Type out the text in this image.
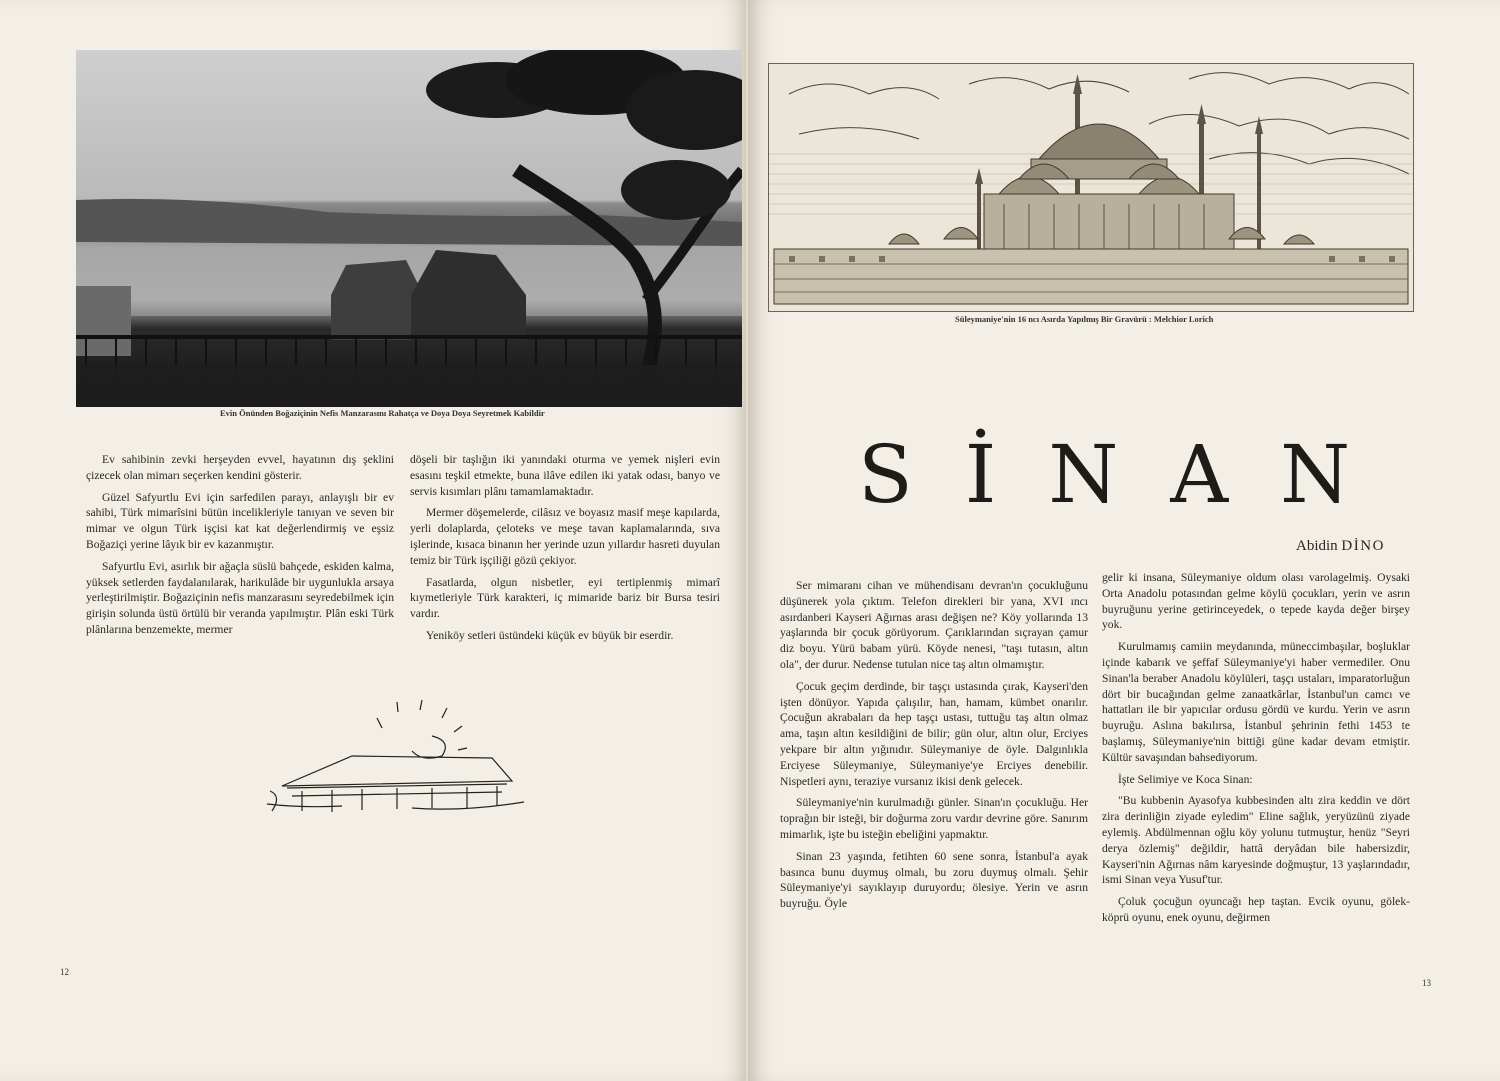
Evin Önünden Boğaziçinin Nefis Manzarasını Rahatça ve Doya Doya Seyretmek Kabildir

Ev sahibinin zevki herşeyden evvel, hayatının dış şeklini çizecek olan mimarı seçerken kendini gösterir.

Güzel Safyurtlu Evi için sarfedilen parayı, anlayışlı bir ev sahibi, Türk mimarîsini bütün incelikleriyle tanıyan ve seven bir mimar ve olgun Türk işçisi kat kat değerlendirmiş ve eşsiz Boğaziçi yerine lâyık bir ev kazanmıştır.

Safyurtlu Evi, asırlık bir ağaçla süslü bahçede, eskiden kalma, yüksek setlerden faydalanılarak, harikulâde bir uygunlukla arsaya yerleştirilmiştir. Boğaziçinin nefis manzarasını seyredebilmek için girişin solunda üstü örtülü bir veranda yapılmıştır. Plân eski Türk plânlarına benzemekte, mermer

döşeli bir taşlığın iki yanındaki oturma ve yemek nişleri evin esasını teşkil etmekte, buna ilâve edilen iki yatak odası, banyo ve servis kısımları plânı tamamlamaktadır.

Mermer döşemelerde, cilâsız ve boyasız masif meşe kapılarda, yerli dolaplarda, çeloteks ve meşe tavan kaplamalarında, sıva işlerinde, kısaca binanın her yerinde uzun yıllardır hasreti duyulan temiz bir Türk işçiliği gözü çekiyor.

Fasatlarda, olgun nisbetler, eyi tertiplenmiş mimarî kıymetleriyle Türk karakteri, iç mimaride bariz bir Bursa tesiri vardır.

Yeniköy setleri üstündeki küçük ev büyük bir eserdir.

12
Süleymaniye'nin 16 ncı Asırda Yapılmış Bir Gravürü : Melchior Lorich
SİNAN
Abidin DİNO

Ser mimaranı cihan ve mühendisanı devran'ın çocukluğunu düşünerek yola çıktım. Telefon direkleri bir yana, XVI ıncı asırdanberi Kayseri Ağırnas arası değişen ne? Köy yollarında 13 yaşlarında bir çocuk görüyorum. Çarıklarından sıçrayan çamur diz boyu. Yürü babam yürü. Köyde nenesi, "taşı tutasın, altın ola", der durur. Nedense tutulan nice taş altın olmamıştır.

Çocuk geçim derdinde, bir taşçı ustasında çırak, Kayseri'den işten dönüyor. Yapıda çalışılır, han, hamam, kümbet onarılır. Çocuğun akrabaları da hep taşçı ustası, tuttuğu taş altın olmaz ama, taşın altın kesildiğini de bilir; gün olur, altın olur, Erciyes yekpare bir altın yığınıdır. Süleymaniye de öyle. Dalgınlıkla Erciyese Süleymaniye, Süleymaniye'ye Erciyes denebilir. Nispetleri aynı, teraziye vursanız ikisi denk gelecek.

Süleymaniye'nin kurulmadığı günler. Sinan'ın çocukluğu. Her toprağın bir isteği, bir doğurma zoru vardır devrine göre. Sanırım mimarlık, işte bu isteğin ebeliğini yapmaktır.

Sinan 23 yaşında, fetihten 60 sene sonra, İstanbul'a ayak basınca bunu duymuş olmalı, bu zoru duymuş olmalı. Şehir Süleymaniye'yi sayıklayıp duruyordu; ölesiye. Yerin ve asrın buyruğu. Öyle

gelir ki insana, Süleymaniye oldum olası varolagelmiş. Oysaki Orta Anadolu potasından gelme köylü çocukları, yerin ve asrın buyruğunu yerine getirinceyedek, o tepede kayda değer birşey yok.

Kurulmamış camiin meydanında, müneccimbaşılar, boşluklar içinde kabarık ve şeffaf Süleymaniye'yi haber vermediler. Onu Sinan'la beraber Anadolu köylüleri, taşçı ustaları, imparatorluğun dört bir bucağından gelme zanaatkârlar, İstanbul'un camcı ve hattatları ile bir yapıcılar ordusu gördü ve kurdu. Yerin ve asrın buyruğu. Aslına bakılırsa, İstanbul şehrinin fethi 1453 te başlamış, Süleymaniye'nin bittiği güne kadar devam etmiştir. Kültür savaşından bahsediyorum.

İşte Selimiye ve Koca Sinan:

"Bu kubbenin Ayasofya kubbesinden altı zira keddin ve dört zira derinliğin ziyade eyledim" Eline sağlık, yeryüzünü ziyade eylemiş. Abdülmennan oğlu köy yolunu tutmuştur, henüz "Seyri derya özlemiş" değildir, hattâ deryâdan bile habersizdir, Kayseri'nin Ağırnas nâm karyesinde doğmuştur, 13 yaşlarındadır, ismi Sinan veya Yusuf'tur.

Çoluk çocuğun oyuncağı hep taştan. Evcik oyunu, gölek-köprü oyunu, enek oyunu, değirmen

13
